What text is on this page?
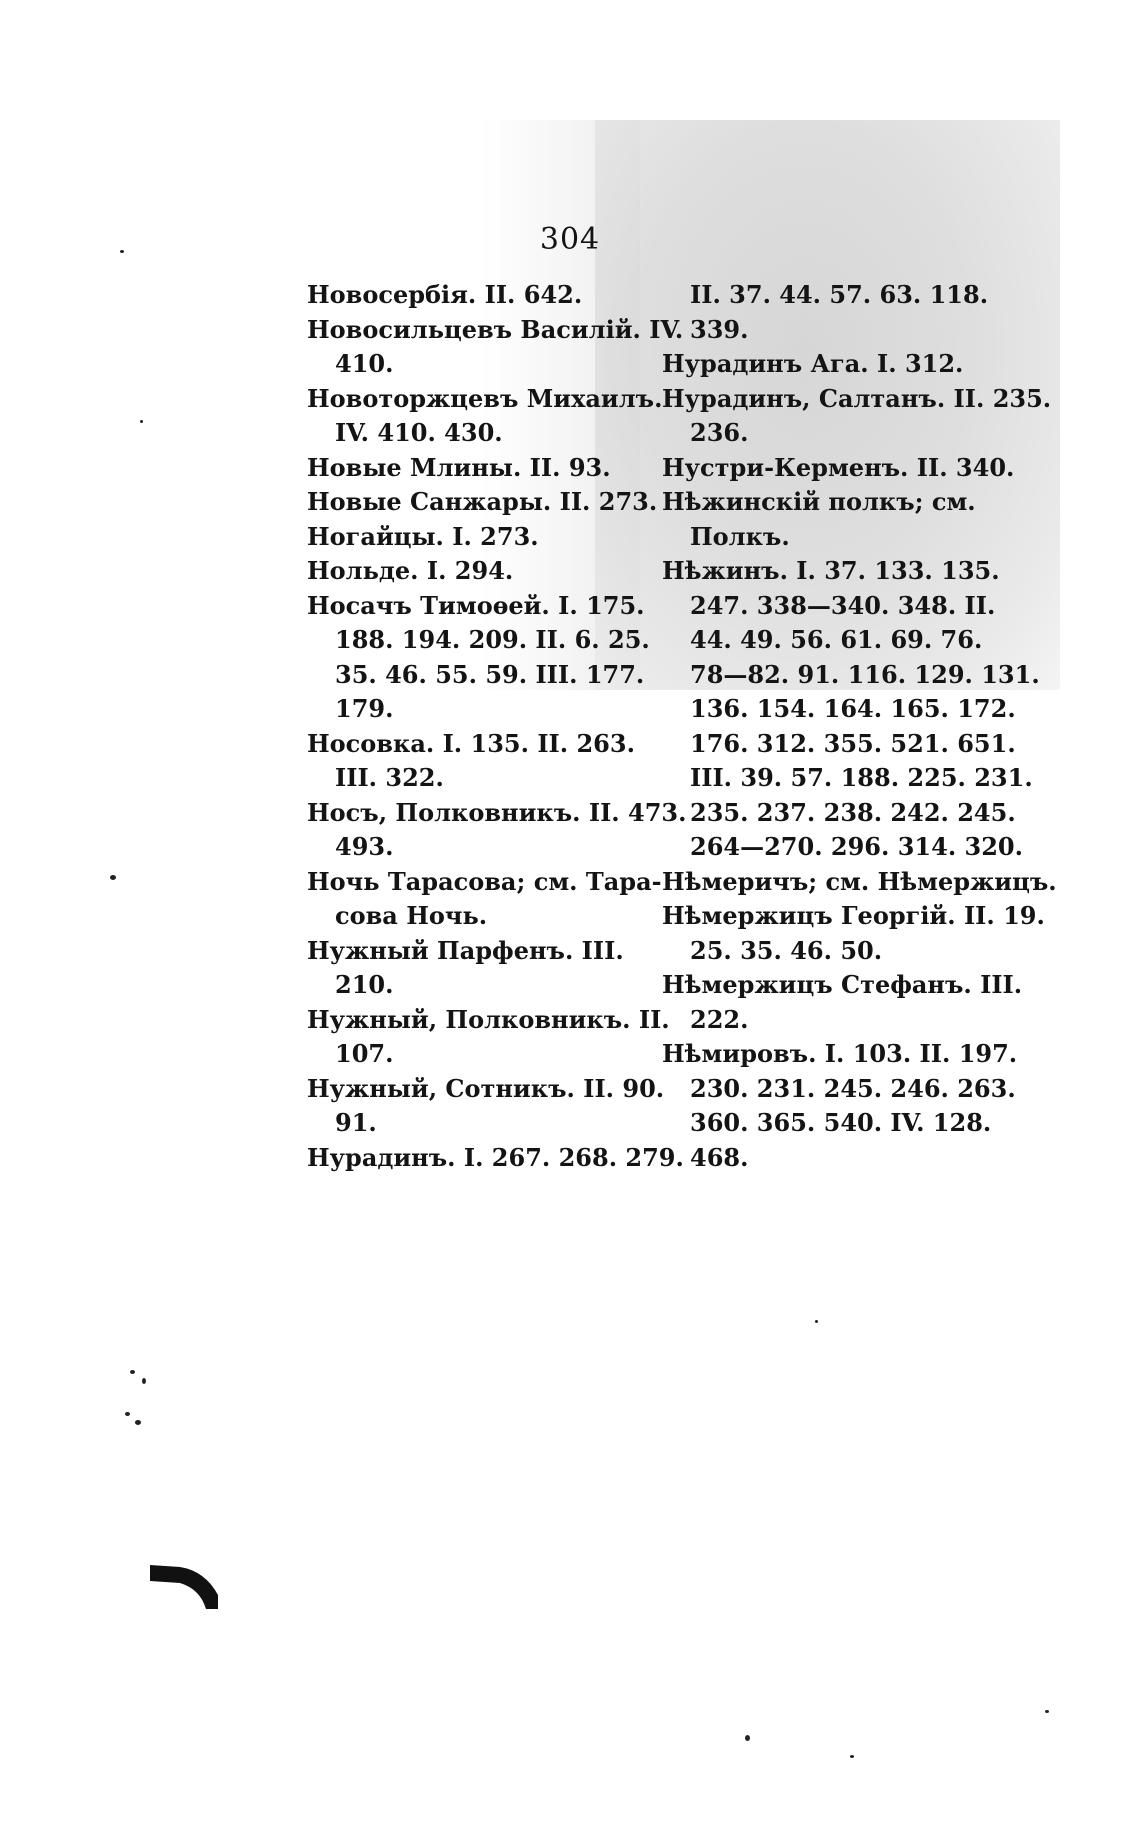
304
Новосербія. II. 642.
Новосильцевъ Василій. IV.
410.
Новоторжцевъ Михаилъ.
IV. 410. 430.
Новые Млины. II. 93.
Новые Санжары. II. 273.
Ногайцы. I. 273.
Нольде. I. 294.
Носачъ Тимоѳей. I. 175.
188. 194. 209. II. 6. 25.
35. 46. 55. 59. III. 177.
179.
Носовка. I. 135. II. 263.
III. 322.
Носъ, Полковникъ. II. 473.
493.
Ночь Тарасова; см. Тара-
сова Ночь.
Нужный Парфенъ. III.
210.
Нужный, Полковникъ. II.
107.
Нужный, Сотникъ. II. 90.
91.
Нурадинъ. I. 267. 268. 279.
II. 37. 44. 57. 63. 118.
339.
Нурадинъ Ага. I. 312.
Нурадинъ, Салтанъ. II. 235.
236.
Нустри-Керменъ. II. 340.
Нѣжинскій полкъ; см.
Полкъ.
Нѣжинъ. I. 37. 133. 135.
247. 338—340. 348. II.
44. 49. 56. 61. 69. 76.
78—82. 91. 116. 129. 131.
136. 154. 164. 165. 172.
176. 312. 355. 521. 651.
III. 39. 57. 188. 225. 231.
235. 237. 238. 242. 245.
264—270. 296. 314. 320.
Нѣмеричъ; см. Нѣмержицъ.
Нѣмержицъ Георгій. II. 19.
25. 35. 46. 50.
Нѣмержицъ Стефанъ. III.
222.
Нѣмировъ. I. 103. II. 197.
230. 231. 245. 246. 263.
360. 365. 540. IV. 128.
468.
